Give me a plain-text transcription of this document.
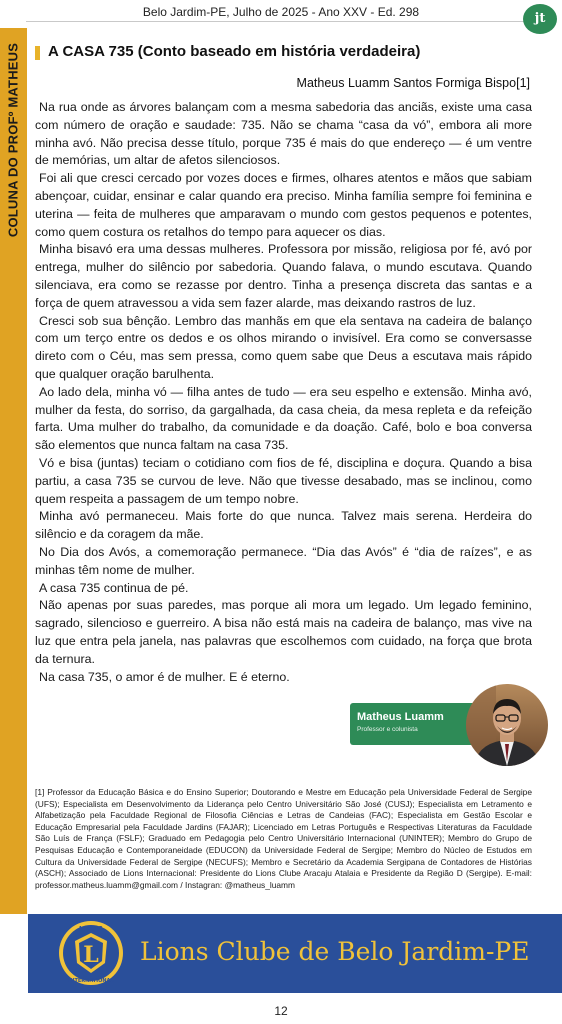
Belo Jardim-PE, Julho de 2025 - Ano XXV - Ed. 298	jt
COLUNA DO PROFº MATHEUS A CASA 735 (Conto baseado em história verdadeira)
Matheus Luamm Santos Formiga Bispo[1]

Na rua onde as árvores balançam com a mesma sabedoria das anciãs, existe uma casa com número de oração e saudade: 735. Não se chama “casa da vó”, embora ali more minha avó. Não precisa desse título, porque 735 é mais do que endereço — é um ventre de memórias, um altar de afetos silenciosos.

Foi ali que cresci cercado por vozes doces e firmes, olhares atentos e mãos que sabiam abençoar, cuidar, ensinar e calar quando era preciso. Minha família sempre foi feminina e uterina — feita de mulheres que amparavam o mundo com gestos pequenos e potentes, como quem costura os retalhos do tempo para aquecer os dias.

Minha bisavó era uma dessas mulheres. Professora por missão, religiosa por fé, avó por entrega, mulher do silêncio por sabedoria. Quando falava, o mundo escutava. Quando silenciava, era como se rezasse por dentro. Tinha a presença discreta das santas e a força de quem atravessou a vida sem fazer alarde, mas deixando rastros de luz.

Cresci sob sua bênção. Lembro das manhãs em que ela sentava na cadeira de balanço com um terço entre os dedos e os olhos mirando o invisível. Era como se conversasse direto com o Céu, mas sem pressa, como quem sabe que Deus a escutava mais rápido que qualquer oração barulhenta.

Ao lado dela, minha vó — filha antes de tudo — era seu espelho e extensão. Minha avó, mulher da festa, do sorriso, da gargalhada, da casa cheia, da mesa repleta e da refeição farta. Uma mulher do trabalho, da comunidade e da doação. Café, bolo e boa conversa são elementos que nunca faltam na casa 735.

Vó e bisa (juntas) teciam o cotidiano com fios de fé, disciplina e doçura. Quando a bisa partiu, a casa 735 se curvou de leve. Não que tivesse desabado, mas se inclinou, como quem respeita a passagem de um tempo nobre.

Minha avó permaneceu. Mais forte do que nunca. Talvez mais serena. Herdeira do silêncio e da coragem da mãe.

No Dia dos Avós, a comemoração permanece. “Dia das Avós” é “dia de raízes”, e as minhas têm nome de mulher.

A casa 735 continua de pé.

Não apenas por suas paredes, mas porque ali mora um legado. Um legado feminino, sagrado, silencioso e guerreiro. A bisa não está mais na cadeira de balanço, mas vive na luz que entra pela janela, nas palavras que escolhemos com cuidado, na força que brota da ternura.

Na casa 735, o amor é de mulher. E é eterno.

Matheus Luamm
Professor e colunista
[1] Professor da Educação Básica e do Ensino Superior; Doutorando e Mestre em Educação pela Universidade Federal de Sergipe (UFS); Especialista em Desenvolvimento da Liderança pelo Centro Universitário São José (CUSJ); Especialista em Letramento e Alfabetização pela Faculdade Regional de Filosofia Ciências e Letras de Candeias (FAC); Especialista em Gestão Escolar e Educação Empresarial pela Faculdade Jardins (FAJAR); Licenciado em Letras Português e Respectivas Literaturas da Faculdade São Luís de França (FSLF); Graduado em Pedagogia pelo Centro Universitário Internacional (UNINTER); Membro do Grupo de Pesquisas Educação e Contemporaneidade (EDUCON) da Universidade Federal de Sergipe; Membro do Núcleo de Estudos em Cultura da Universidade Federal de Sergipe (NECUFS); Membro e Secretário da Academia Sergipana de Contadores de Histórias (ASCH); Associado de Lions Internacional: Presidente do Lions Clube Aracaju Atalaia e Presidente da Região D (Sergipe). E-mail: professor.matheus.luamm@gmail.com / Instagran: @matheus_luamm
L
LIONS
INTERNATIONAL
Lions Clube de Belo Jardim-PE
12
